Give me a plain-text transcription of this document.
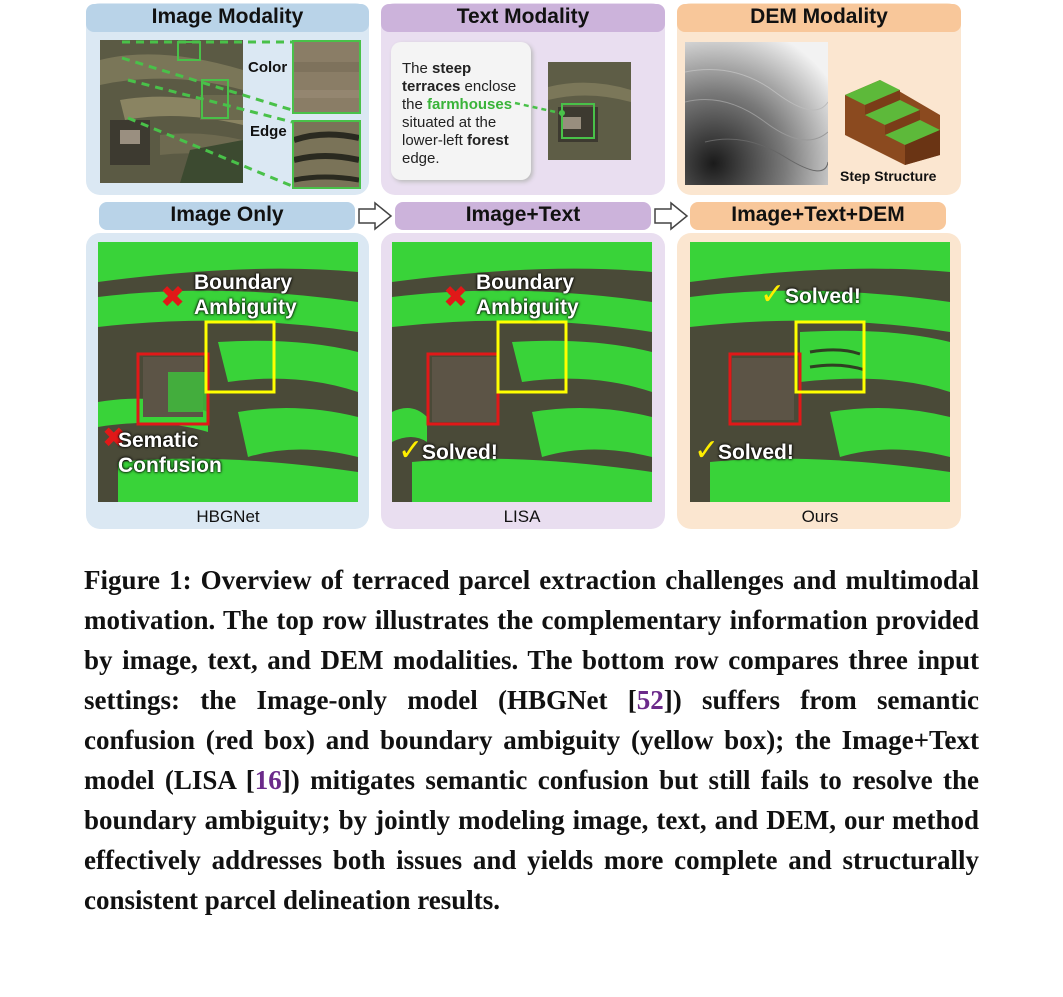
Image Modality
Color
Edge
Text Modality
The steep
terraces enclose the farmhouses situated at the lower-left forest edge.
DEM Modality
Step Structure
Image Only	Image+Text	Image+Text+DEM
✖ Boundary
Ambiguity
✖
Sematic
Confusion
✖ Boundary
Ambiguity
✓
Solved!
✓ Solved!
✓
Solved!
HBGNet	LISA	Ours
Figure 1: Overview of terraced parcel extraction challenges and multimodal motivation. The top row illustrates the complementary information provided by image, text, and DEM modalities. The bottom row compares three input settings: the Image-only model (HBGNet [52]) suffers from semantic confusion (red box) and boundary ambiguity (yellow box); the Image+Text model (LISA [16]) mitigates semantic confusion but still fails to resolve the boundary ambiguity; by jointly modeling image, text, and DEM, our method effectively addresses both issues and yields more complete and structurally consistent parcel delineation results.
